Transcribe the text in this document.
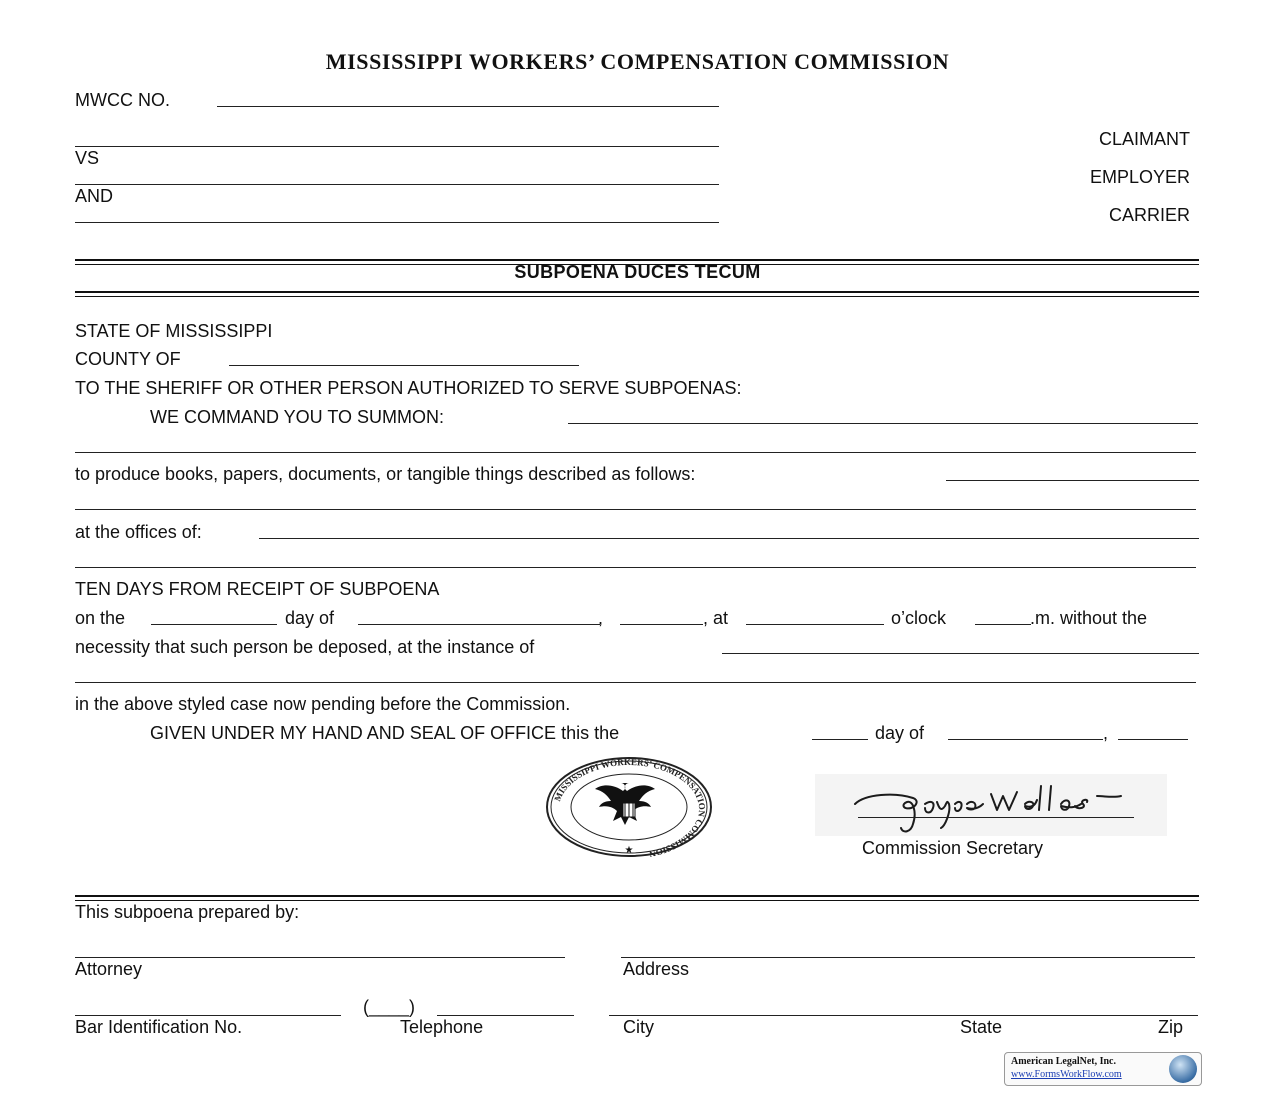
MISSISSIPPI WORKERS’ COMPENSATION COMMISSION
MWCC NO.
CLAIMANT
VS
EMPLOYER
AND
CARRIER
SUBPOENA DUCES TECUM
STATE OF MISSISSIPPI
COUNTY OF
TO THE SHERIFF OR OTHER PERSON AUTHORIZED TO SERVE SUBPOENAS:
WE COMMAND YOU TO SUMMON:
to produce books, papers, documents, or tangible things described as follows:
at the offices of:
TEN DAYS FROM RECEIPT OF SUBPOENA
on the	day of	,	, at	o’clock	.m. without the
necessity that such person be deposed, at the instance of
in the above styled case now pending before the Commission.
GIVEN UNDER MY HAND AND SEAL OF OFFICE this the	day of	,
MISSISSIPPI WORKERS’ COMPENSATION COMMISSION
★	Commission Secretary
This subpoena prepared by:
Attorney	Address
(____)
Bar Identification No.	Telephone	City	State	Zip
American LegalNet, Inc.
www.FormsWorkFlow.com
